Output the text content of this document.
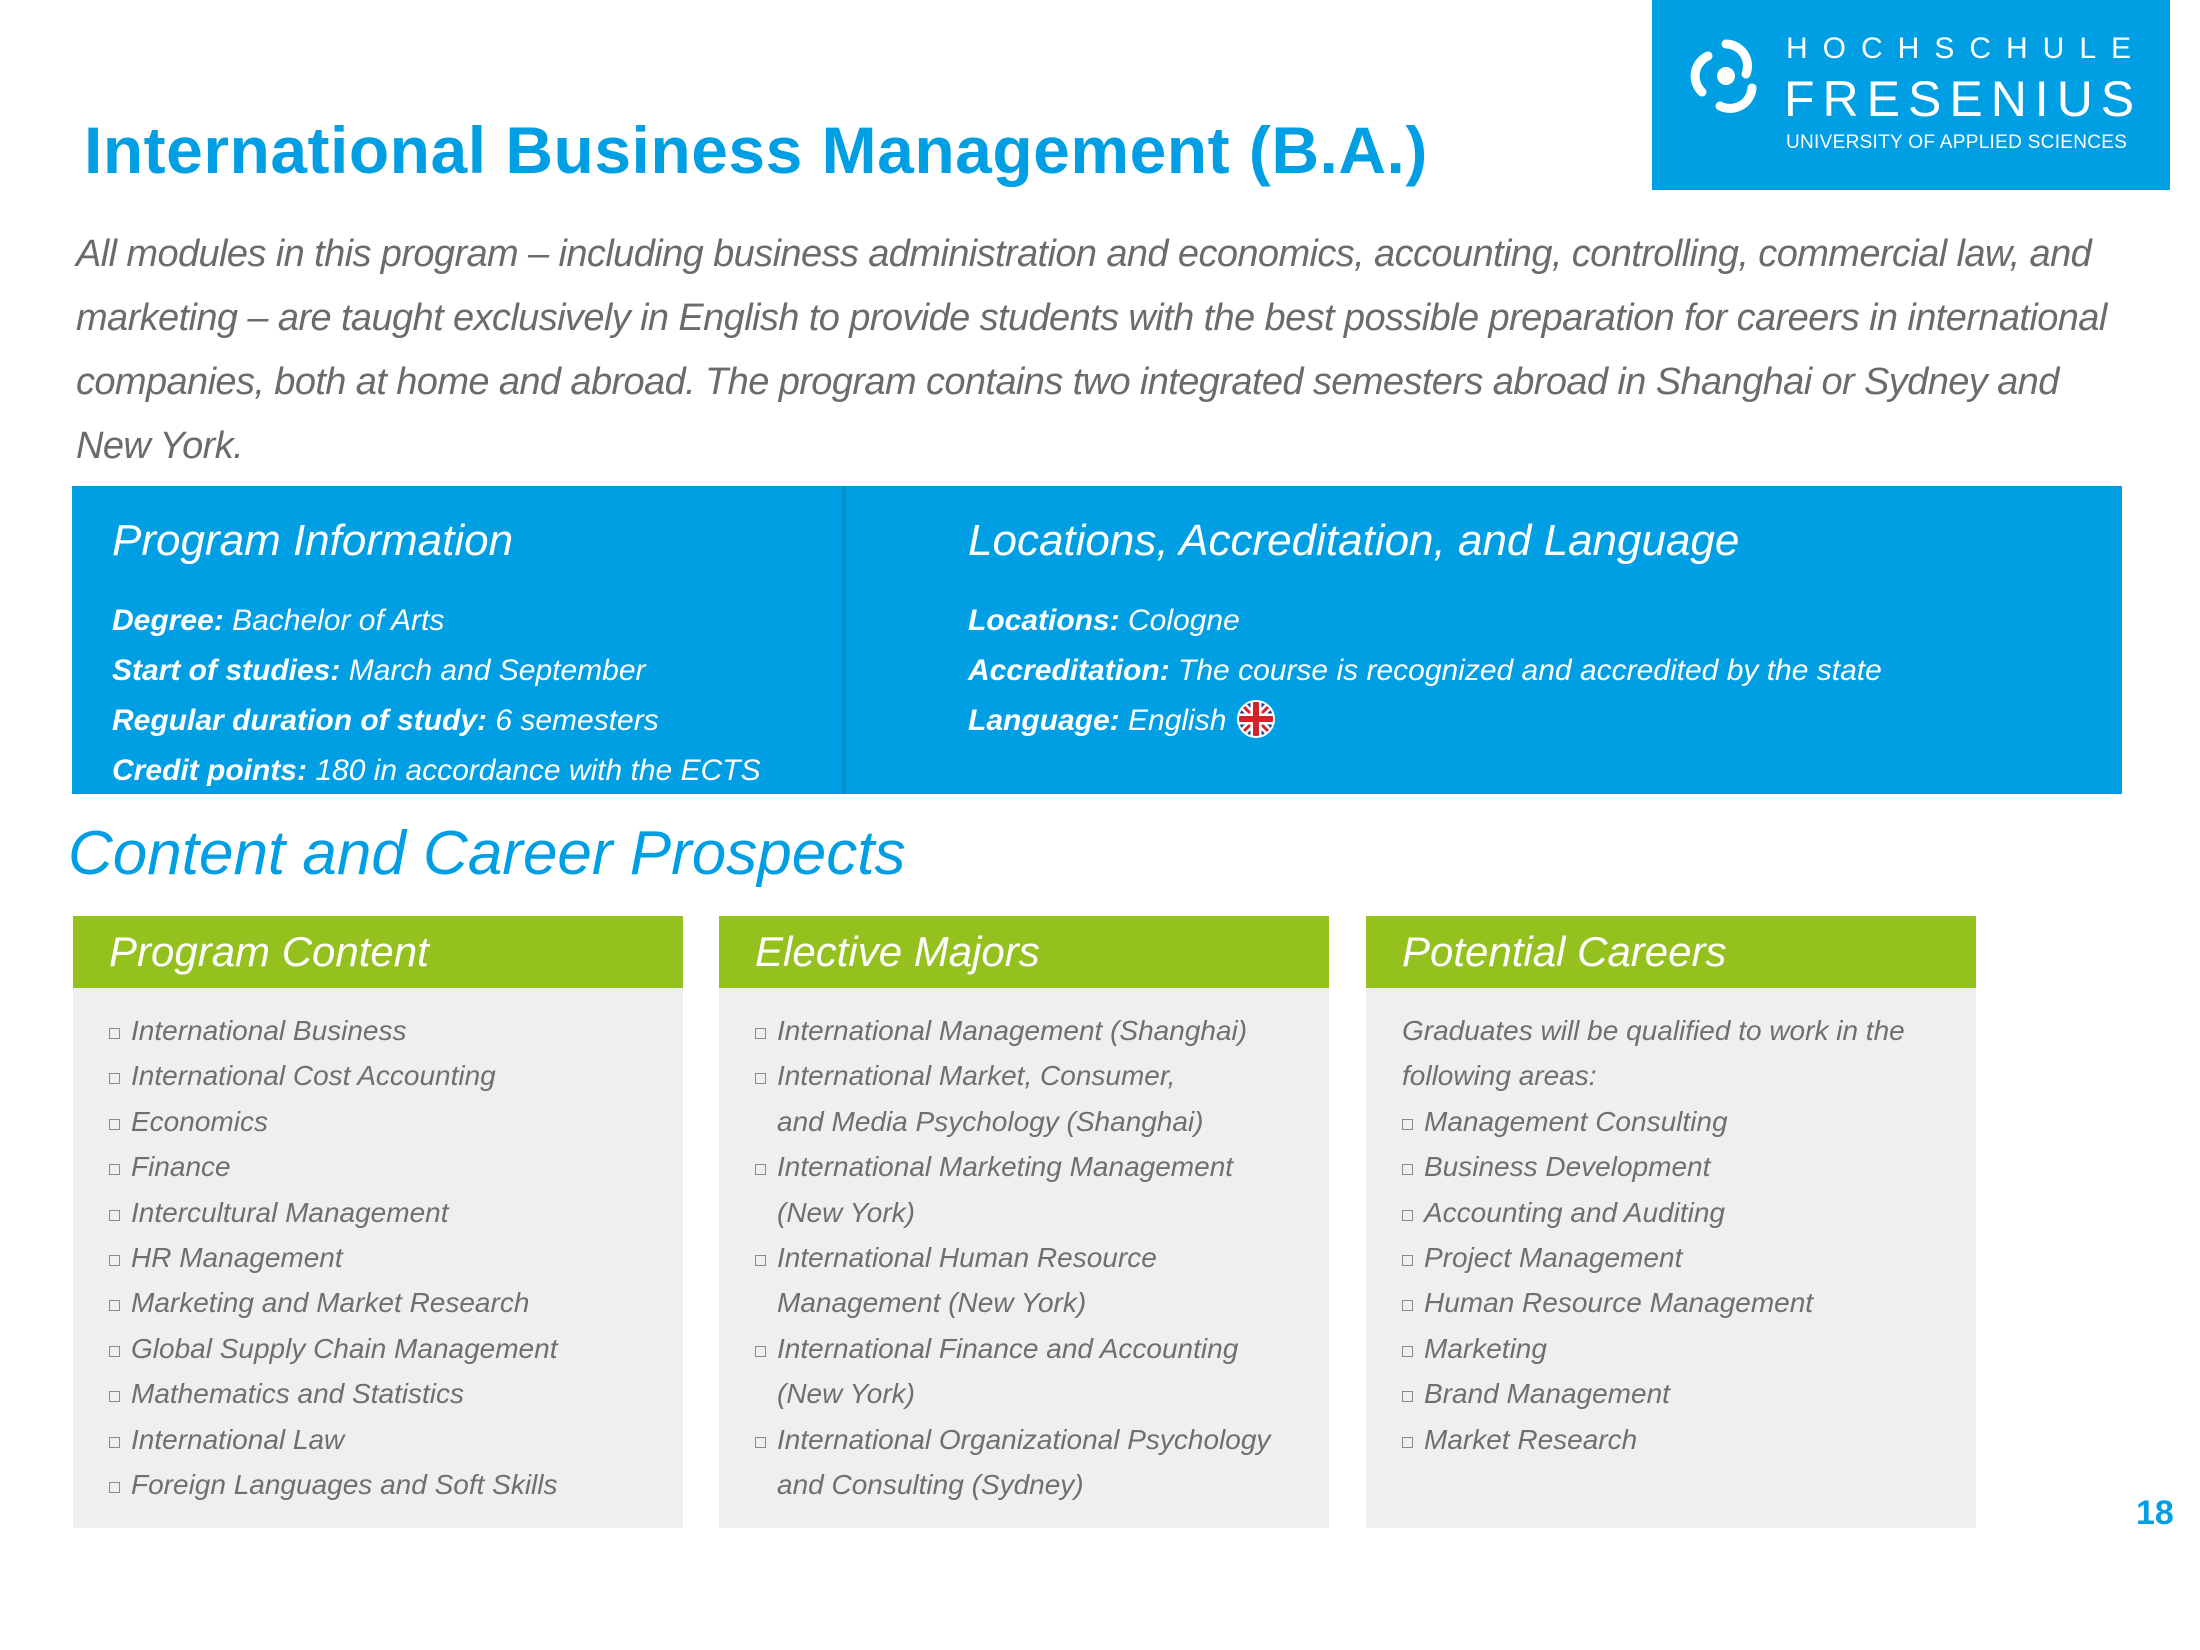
International Business Management (B.A.)
HOCHSCHULE
FRESENIUS
UNIVERSITY OF APPLIED SCIENCES
All modules in this program – including business administration and economics, accounting, controlling, commercial law, and marketing – are taught exclusively in English to provide students with the best possible preparation for careers in international companies, both at home and abroad. The program contains two integrated semesters abroad in Shanghai or Sydney and New York.
Program Information
Degree: Bachelor of Arts
Start of studies: March and September
Regular duration of study: 6 semesters
Credit points: 180 in accordance with the ECTS
Locations, Accreditation, and Language
Locations: Cologne
Accreditation: The course is recognized and accredited by the state
Language: English
Content and Career Prospects
Program Content
International Business
International Cost Accounting
Economics
Finance
Intercultural Management
HR Management
Marketing and Market Research
Global Supply Chain Management
Mathematics and Statistics
International Law
Foreign Languages and Soft Skills
Elective Majors
International Management (Shanghai)
International Market, Consumer,
and Media Psychology (Shanghai)
International Marketing Management
(New York)
International Human Resource
Management (New York)
International Finance and Accounting
(New York)
International Organizational Psychology
and Consulting (Sydney)
Potential Careers
Graduates will be qualified to work in the
following areas:
Management Consulting
Business Development
Accounting and Auditing
Project Management
Human Resource Management
Marketing
Brand Management
Market Research
18
